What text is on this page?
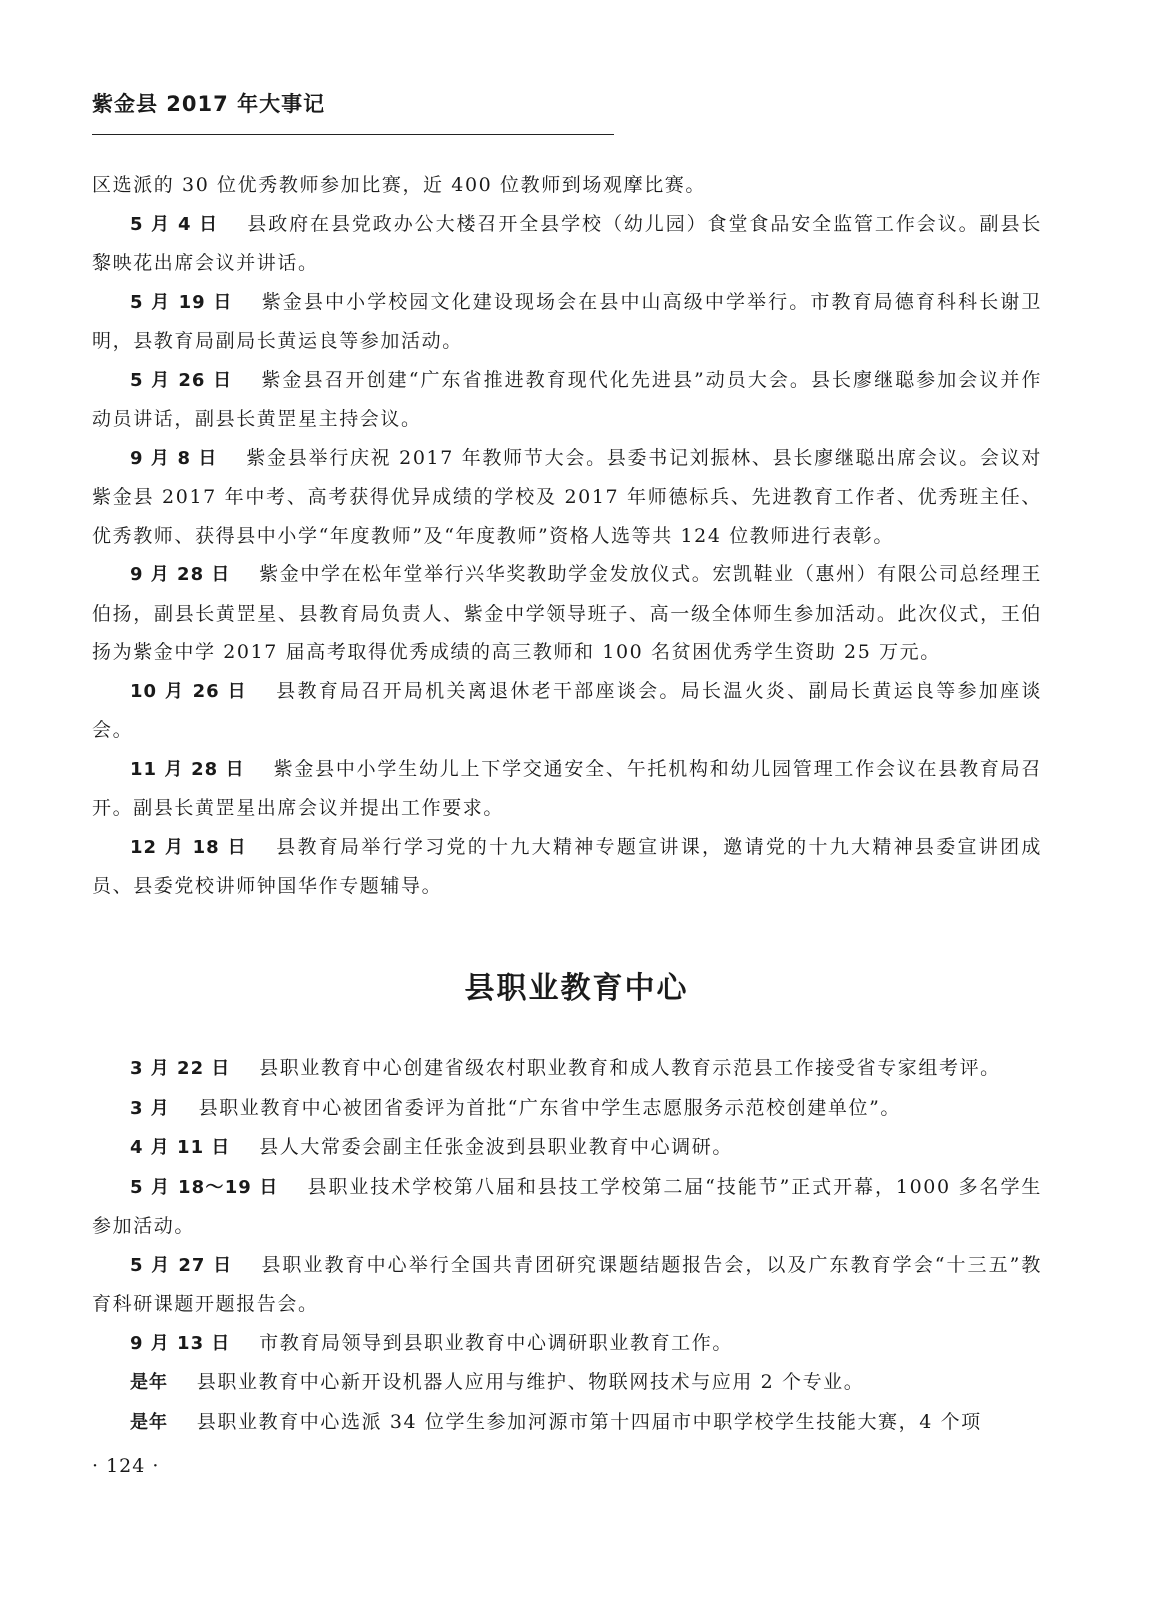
紫金县 2017 年大事记

区选派的 30 位优秀教师参加比赛，近 400 位教师到场观摩比赛。

5 月 4 日 县政府在县党政办公大楼召开全县学校（幼儿园）食堂食品安全监管工作会议。副县长黎映花出席会议并讲话。

5 月 19 日 紫金县中小学校园文化建设现场会在县中山高级中学举行。市教育局德育科科长谢卫明，县教育局副局长黄运良等参加活动。

5 月 26 日 紫金县召开创建“广东省推进教育现代化先进县”动员大会。县长廖继聪参加会议并作动员讲话，副县长黄罡星主持会议。

9 月 8 日 紫金县举行庆祝 2017 年教师节大会。县委书记刘振林、县长廖继聪出席会议。会议对紫金县 2017 年中考、高考获得优异成绩的学校及 2017 年师德标兵、先进教育工作者、优秀班主任、优秀教师、获得县中小学“年度教师”及“年度教师”资格人选等共 124 位教师进行表彰。

9 月 28 日 紫金中学在松年堂举行兴华奖教助学金发放仪式。宏凯鞋业（惠州）有限公司总经理王伯扬，副县长黄罡星、县教育局负责人、紫金中学领导班子、高一级全体师生参加活动。此次仪式，王伯扬为紫金中学 2017 届高考取得优秀成绩的高三教师和 100 名贫困优秀学生资助 25 万元。

10 月 26 日 县教育局召开局机关离退休老干部座谈会。局长温火炎、副局长黄运良等参加座谈会。

11 月 28 日 紫金县中小学生幼儿上下学交通安全、午托机构和幼儿园管理工作会议在县教育局召开。副县长黄罡星出席会议并提出工作要求。

12 月 18 日 县教育局举行学习党的十九大精神专题宣讲课，邀请党的十九大精神县委宣讲团成员、县委党校讲师钟国华作专题辅导。

县职业教育中心

3 月 22 日 县职业教育中心创建省级农村职业教育和成人教育示范县工作接受省专家组考评。

3 月 县职业教育中心被团省委评为首批“广东省中学生志愿服务示范校创建单位”。

4 月 11 日 县人大常委会副主任张金波到县职业教育中心调研。

5 月 18～19 日 县职业技术学校第八届和县技工学校第二届“技能节”正式开幕，1000 多名学生参加活动。

5 月 27 日 县职业教育中心举行全国共青团研究课题结题报告会，以及广东教育学会“十三五”教育科研课题开题报告会。

9 月 13 日 市教育局领导到县职业教育中心调研职业教育工作。

是年 县职业教育中心新开设机器人应用与维护、物联网技术与应用 2 个专业。

是年 县职业教育中心选派 34 位学生参加河源市第十四届市中职学校学生技能大赛，4 个项

· 124 ·
